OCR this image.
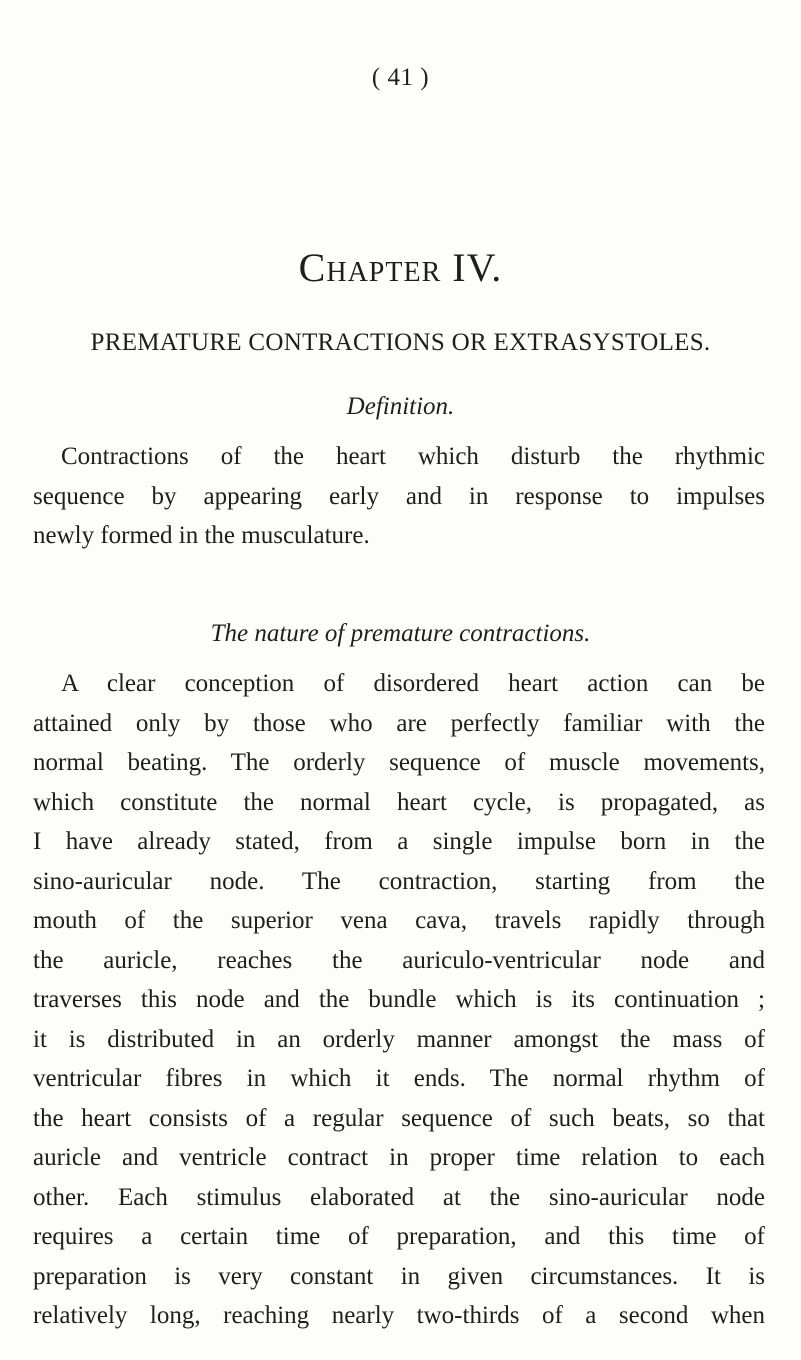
( 41 )
Chapter IV.
PREMATURE CONTRACTIONS OR EXTRASYSTOLES.
Definition.
Contractions of the heart which disturb the rhythmic
sequence by appearing early and in response to impulses
newly formed in the musculature.
The nature of premature contractions.
A clear conception of disordered heart action can be
attained only by those who are perfectly familiar with the
normal beating. The orderly sequence of muscle movements,
which constitute the normal heart cycle, is propagated, as
I have already stated, from a single impulse born in the
sino-auricular node. The contraction, starting from the
mouth of the superior vena cava, travels rapidly through
the auricle, reaches the auriculo-ventricular node and
traverses this node and the bundle which is its continuation ;
it is distributed in an orderly manner amongst the mass of
ventricular fibres in which it ends. The normal rhythm of
the heart consists of a regular sequence of such beats, so that
auricle and ventricle contract in proper time relation to each
other. Each stimulus elaborated at the sino-auricular node
requires a certain time of preparation, and this time of
preparation is very constant in given circumstances. It is
relatively long, reaching nearly two-thirds of a second when
